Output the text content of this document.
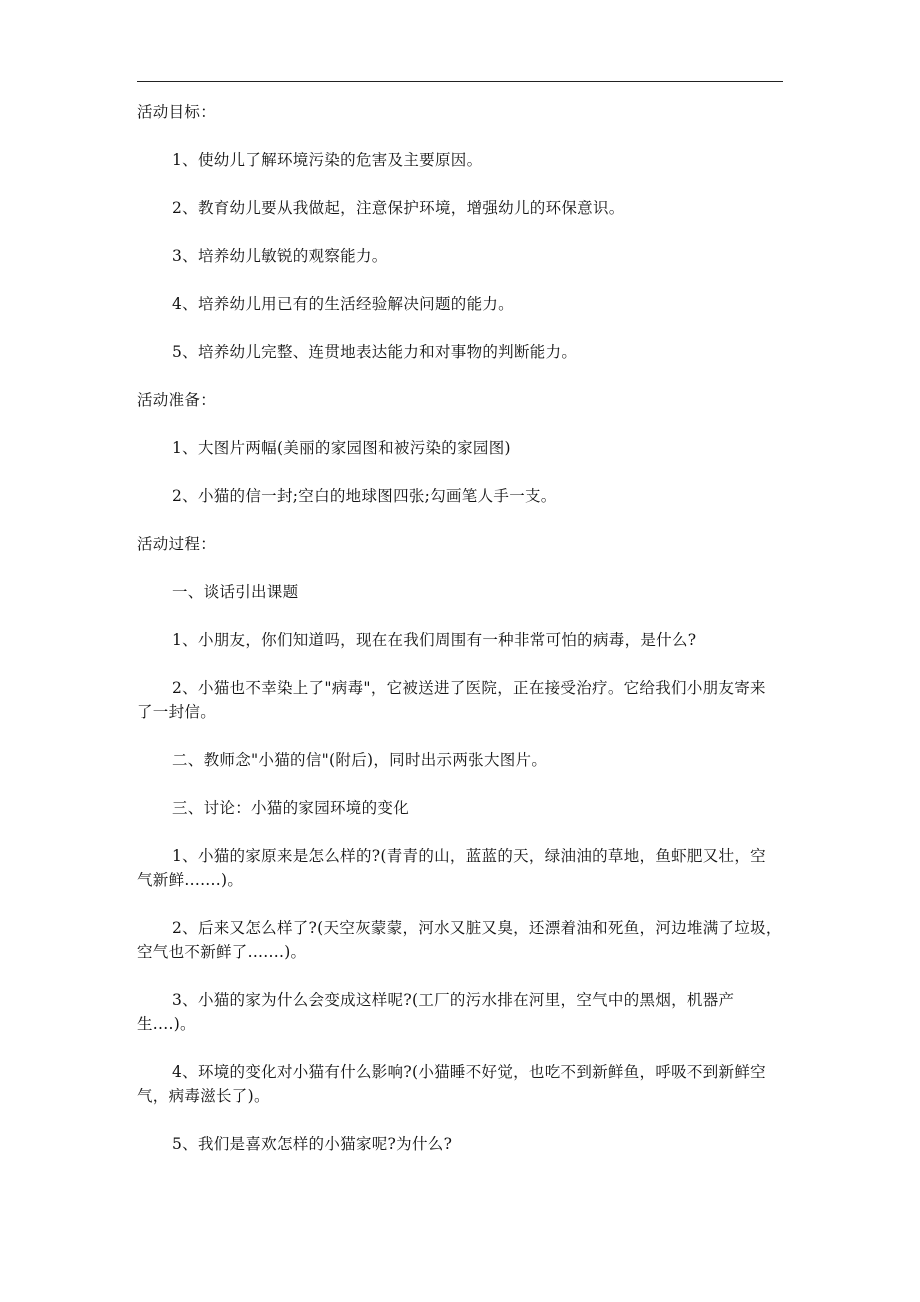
活动目标：

1、使幼儿了解环境污染的危害及主要原因。

2、教育幼儿要从我做起，注意保护环境，增强幼儿的环保意识。

3、培养幼儿敏锐的观察能力。

4、培养幼儿用已有的生活经验解决问题的能力。

5、培养幼儿完整、连贯地表达能力和对事物的判断能力。

活动准备：

1、大图片两幅(美丽的家园图和被污染的家园图)

2、小猫的信一封;空白的地球图四张;勾画笔人手一支。

活动过程：

一、谈话引出课题

1、小朋友，你们知道吗，现在在我们周围有一种非常可怕的病毒，是什么?

2、小猫也不幸染上了"病毒"，它被送进了医院，正在接受治疗。它给我们小朋友寄来

了一封信。

二、教师念"小猫的信"(附后)，同时出示两张大图片。

三、讨论：小猫的家园环境的变化

1、小猫的家原来是怎么样的?(青青的山，蓝蓝的天，绿油油的草地，鱼虾肥又壮，空

气新鲜.......)。

2、后来又怎么样了?(天空灰蒙蒙，河水又脏又臭，还漂着油和死鱼，河边堆满了垃圾，

空气也不新鲜了.......)。

3、小猫的家为什么会变成这样呢?(工厂的污水排在河里，空气中的黑烟，机器产

生....)。

4、环境的变化对小猫有什么影响?(小猫睡不好觉，也吃不到新鲜鱼，呼吸不到新鲜空

气，病毒滋长了)。

5、我们是喜欢怎样的小猫家呢?为什么?
